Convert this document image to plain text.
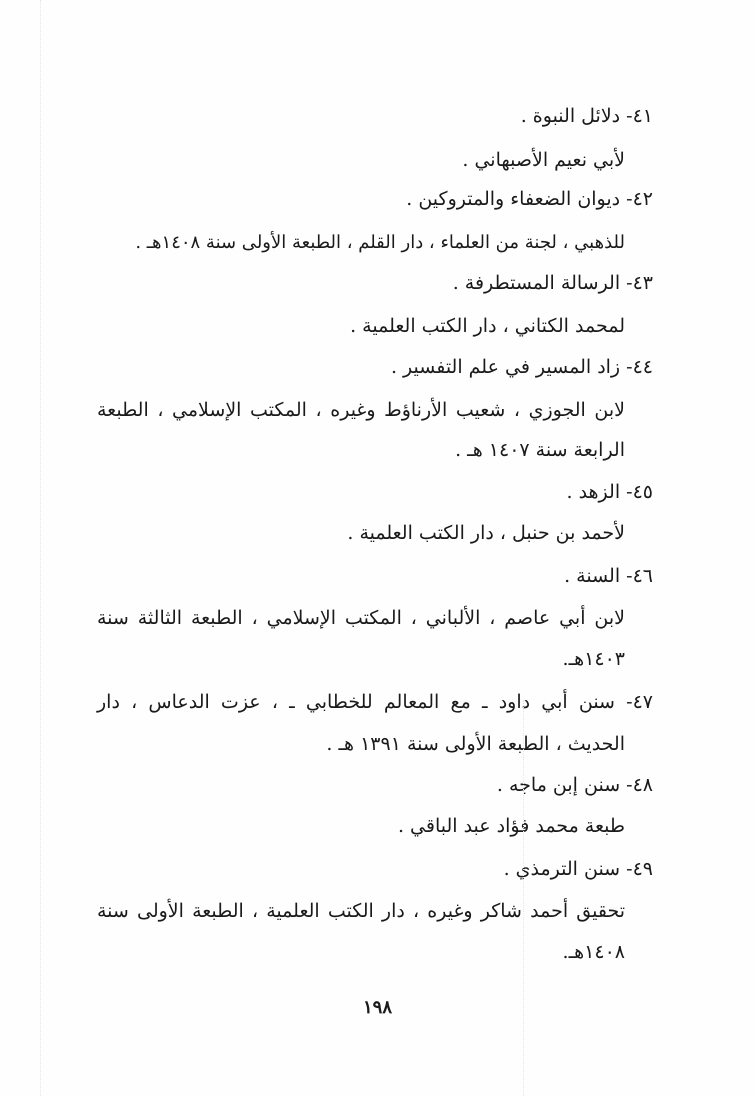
٤١- دلائل النبوة .
لأبي نعيم الأصبهاني .
٤٢- ديوان الضعفاء والمتروكين .
للذهبي ، لجنة من العلماء ، دار القلم ، الطبعة الأولى سنة ١٤٠٨هـ .
٤٣- الرسالة المستطرفة .
لمحمد الكتاني ، دار الكتب العلمية .
٤٤- زاد المسير في علم التفسير .
لابن الجوزي ، شعيب الأرناؤط وغيره ، المكتب الإسلامي ، الطبعة
الرابعة سنة ١٤٠٧ هـ .
٤٥- الزهد .
لأحمد بن حنبل ، دار الكتب العلمية .
٤٦- السنة .
لابن أبي عاصم ، الألباني ، المكتب الإسلامي ، الطبعة الثالثة سنة
١٤٠٣هـ.
٤٧- سنن أبي داود ـ مع المعالم للخطابي ـ ، عزت الدعاس ، دار
الحديث ، الطبعة الأولى سنة ١٣٩١ هـ .
٤٨- سنن إبن ماجه .
طبعة محمد فؤاد عبد الباقي .
٤٩- سنن الترمذي .
تحقيق أحمد شاكر وغيره ، دار الكتب العلمية ، الطبعة الأولى سنة
١٤٠٨هـ.
١٩٨
